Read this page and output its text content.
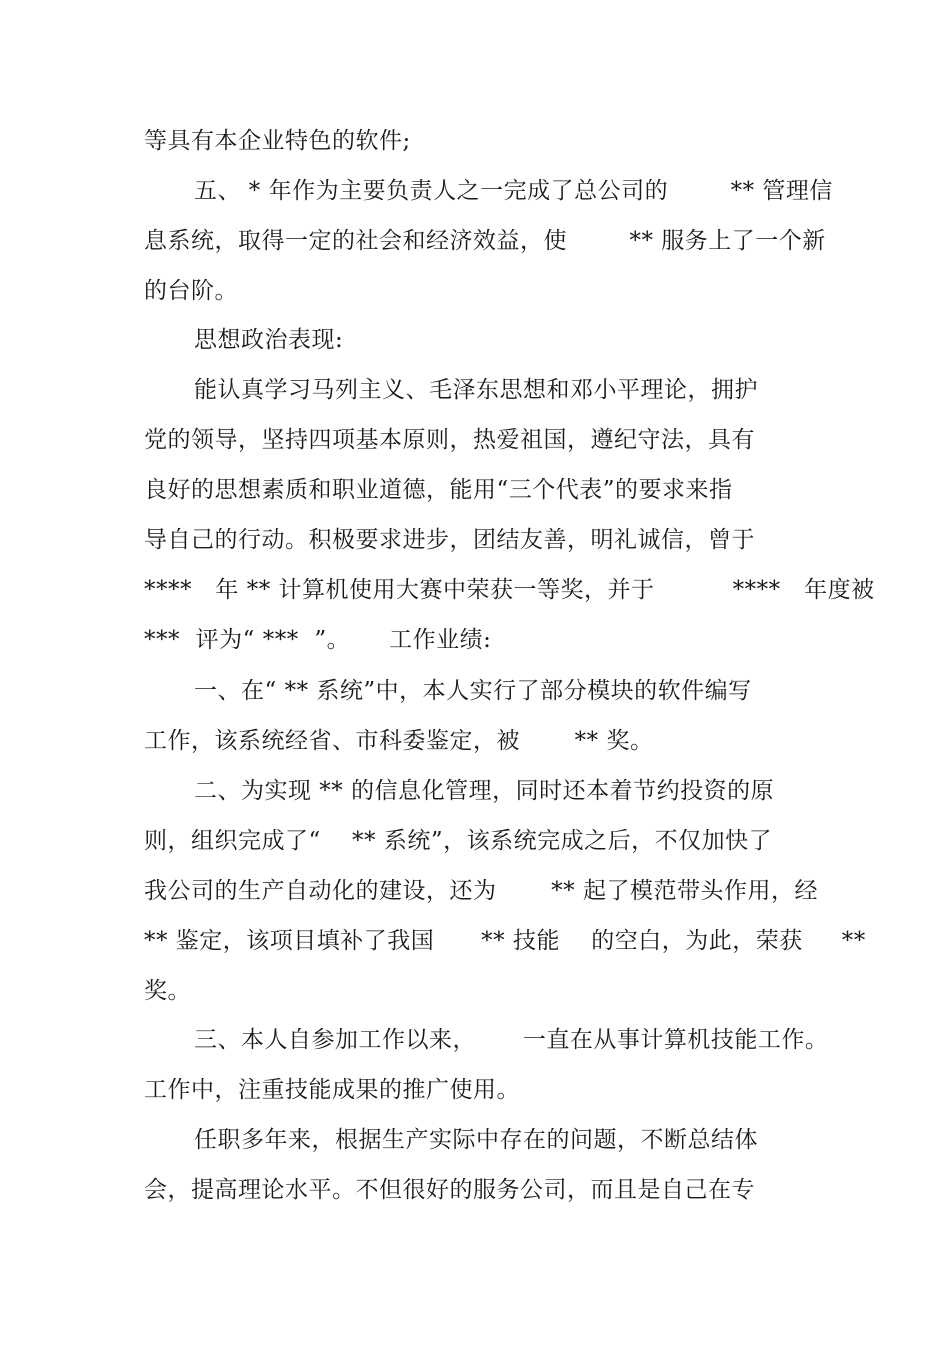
等具有本企业特色的软件;
五、 * 年作为主要负责人之一完成了总公司的        ** 管理信
息系统，取得一定的社会和经济效益，使        ** 服务上了一个新
的台阶。
思想政治表现:
能认真学习马列主义、毛泽东思想和邓小平理论，拥护
党的领导，坚持四项基本原则，热爱祖国，遵纪守法，具有
良好的思想素质和职业道德，能用“三个代表”的要求来指
导自己的行动。积极要求进步，团结友善，明礼诚信，曾于
****   年 ** 计算机使用大赛中荣获一等奖，并于          ****   年度被
***  评为“ ***  ”。     工作业绩:
一、在“ ** 系统”中，本人实行了部分模块的软件编写
工作，该系统经省、市科委鉴定，被       ** 奖。
二、为实现 ** 的信息化管理，同时还本着节约投资的原
则，组织完成了“    ** 系统”，该系统完成之后，不仅加快了
我公司的生产自动化的建设，还为       ** 起了模范带头作用，经
** 鉴定，该项目填补了我国      ** 技能    的空白，为此，荣获     **
奖。
三、本人自参加工作以来，      一直在从事计算机技能工作。
工作中，注重技能成果的推广使用。
任职多年来，根据生产实际中存在的问题，不断总结体
会，提高理论水平。不但很好的服务公司，而且是自己在专
